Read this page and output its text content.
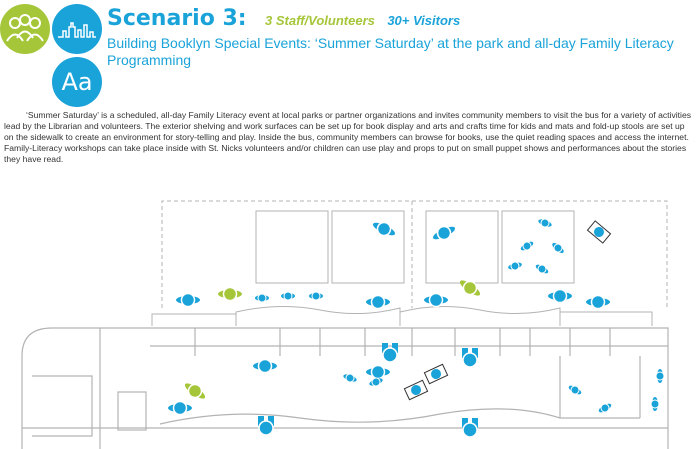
Aa
Scenario 3: 3 Staff/Volunteers 30+ Visitors
Building Booklyn Special Events: ‘Summer Saturday’ at the park and all-day Family Literacy Programming

‘Summer Saturday’ is a scheduled, all-day Family Literacy event at local parks or partner organizations and invites community members to visit the bus for a variety of activities lead by the Librarian and volunteers. The exterior shelving and work surfaces can be set up for book display and arts and crafts time for kids and mats and fold-up stools are set up on the sidewalk to create an environment for story-telling and play. Inside the bus, community members can browse for books, use the quiet reading spaces and access the internet. Family-Literacy workshops can take place inside with St. Nicks volunteers and/or children can use play and props to put on small puppet shows and performances about the stories they have read.
